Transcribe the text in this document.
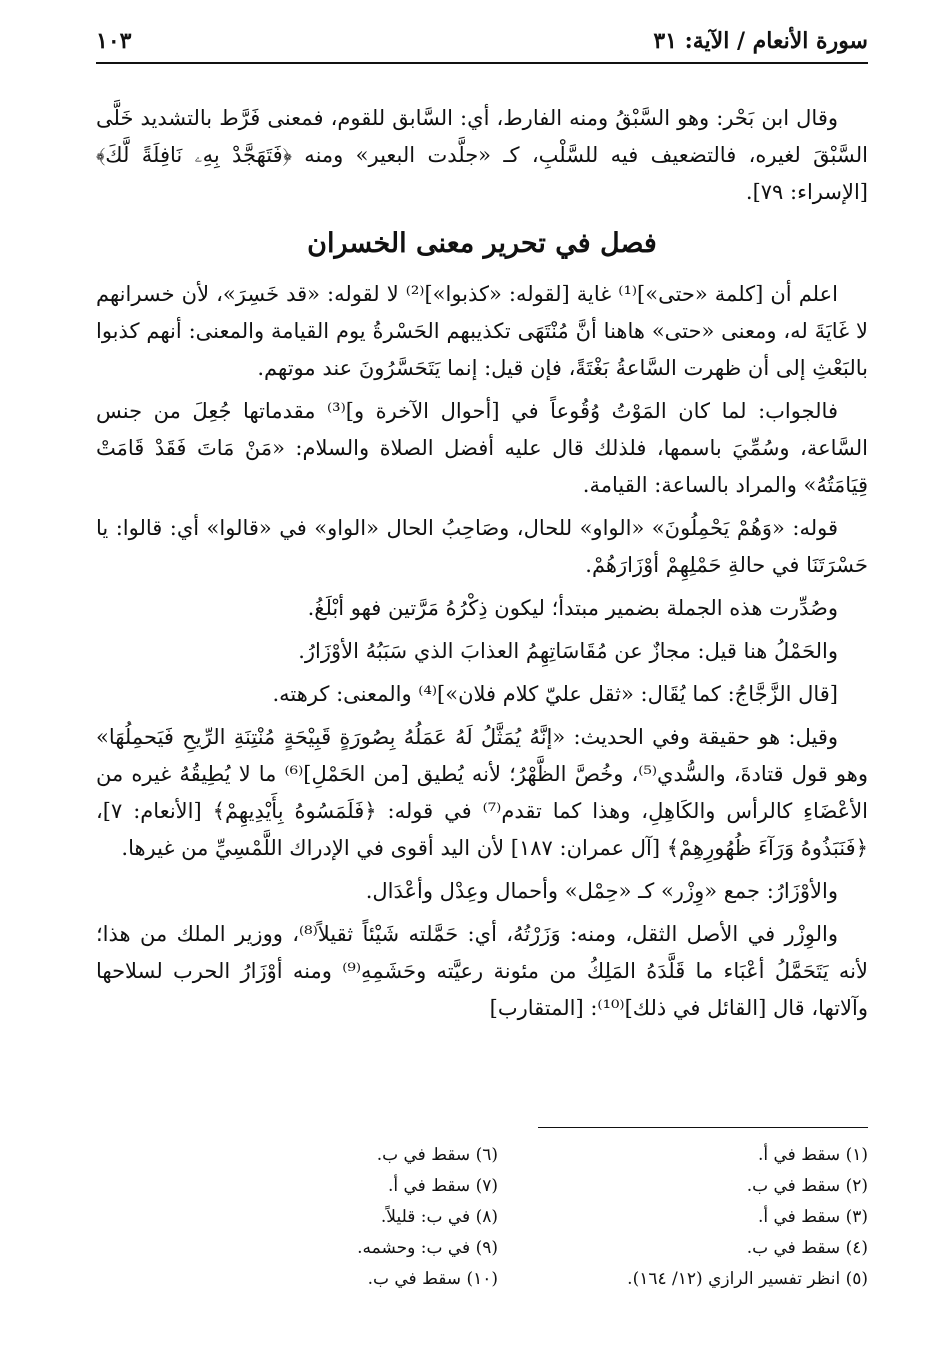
سورة الأنعام / الآية: ٣١
١٠٣

وقال ابن بَحْر: وهو السَّبْقُ ومنه الفارط، أي: السَّابق للقوم، فمعنى فَرَّط بالتشديد خَلَّى السَّبْقَ لغيره، فالتضعيف فيه للسَّلْبِ، كـ «جلَّدت البعير» ومنه ﴿فَتَهَجَّدْ بِهِۦ نَافِلَةً لَّكَ﴾ [الإسراء: ٧٩].

فصل في تحرير معنى الخسران

اعلم أن [كلمة «حتى»]⁽¹⁾ غاية [لقوله: «كذبوا»]⁽²⁾ لا لقوله: «قد خَسِرَ»، لأن خسرانهم لا غَايَةَ له، ومعنى «حتى» هاهنا أنَّ مُنْتَهَى تكذيبهم الحَسْرةُ يوم القيامة والمعنى: أنهم كذبوا بالبَعْثِ إلى أن ظهرت السَّاعةُ بَغْتَةً، فإن قيل: إنما يَتَحَسَّرُونَ عند موتهم.

فالجواب: لما كان المَوْتُ وُقُوعاً في [أحوال الآخرة و]⁽³⁾ مقدماتها جُعِلَ من جنس السَّاعة، وسُمِّيَ باسمها، فلذلك قال عليه أفضل الصلاة والسلام: «مَنْ مَاتَ فَقَدْ قَامَتْ قِيَامَتُهُ» والمراد بالساعة: القيامة.

قوله: «وَهُمْ يَحْمِلُونَ» «الواو» للحال، وصَاحِبُ الحال «الواو» في «قالوا» أي: قالوا: يا حَسْرَتَنَا في حالةِ حَمْلِهِمْ أوْزَارَهُمْ.

وصُدِّرت هذه الجملة بضمير مبتدأ؛ ليكون ذِكْرُهُ مَرَّتين فهو أبْلَغُ.

والحَمْلُ هنا قيل: مجازٌ عن مُقَاسَاتِهِمُ العذابَ الذي سَبَبُهُ الأوْزَارُ.

[قال الزَّجَّاجُ: كما يُقَال: «ثقل عليّ كلام فلان»]⁽⁴⁾ والمعنى: كرهته.

وقيل: هو حقيقة وفي الحديث: «إنَّهُ يُمَثَّلُ لَهُ عَمَلُهُ بِصُورَةٍ قَبِيْحَةٍ مُنْتِنَةِ الرِّيحِ فَيَحمِلُهَا» وهو قول قتادةَ، والسُّدي⁽⁵⁾، وخُصَّ الظَّهْرُ؛ لأنه يُطيق [من الحَمْلِ]⁽⁶⁾ ما لا يُطِيقُهُ غيره من الأعْضَاءِ كالرأس والكَاهِلِ، وهذا كما تقدم⁽⁷⁾ في قوله: ﴿فَلَمَسُوهُ بِأَيْدِيهِمْ﴾ [الأنعام: ٧]، ﴿فَنَبَذُوهُ وَرَآءَ ظُهُورِهِمْ﴾ [آل عمران: ١٨٧] لأن اليد أقوى في الإدراك اللَّمْسِيِّ من غيرها.

والأوْزَارُ: جمع «وِزْر» كـ «حِمْل» وأحمال وعِدْل وأعْدَال.

والوِزْر في الأصل الثقل، ومنه: وَزَرْتُهُ، أي: حَمَّلته شَيْئاً ثقيلاً⁽⁸⁾، ووزير الملك من هذا؛ لأنه يَتَحَمَّلُ أعْبَاء ما قَلَّدَهُ المَلِكُ من مئونة رعيَّته وحَشَمِهِ⁽⁹⁾ ومنه أوْزَارُ الحرب لسلاحها وآلاتها، قال [القائل في ذلك]⁽¹⁰⁾: [المتقارب]

(١) سقط في أ.
(٢) سقط في ب.
(٣) سقط في أ.
(٤) سقط في ب.
(٥) انظر تفسير الرازي (١٢/ ١٦٤).
(٦) سقط في ب.
(٧) سقط في أ.
(٨) في ب: قليلاً.
(٩) في ب: وحشمه.
(١٠) سقط في ب.
